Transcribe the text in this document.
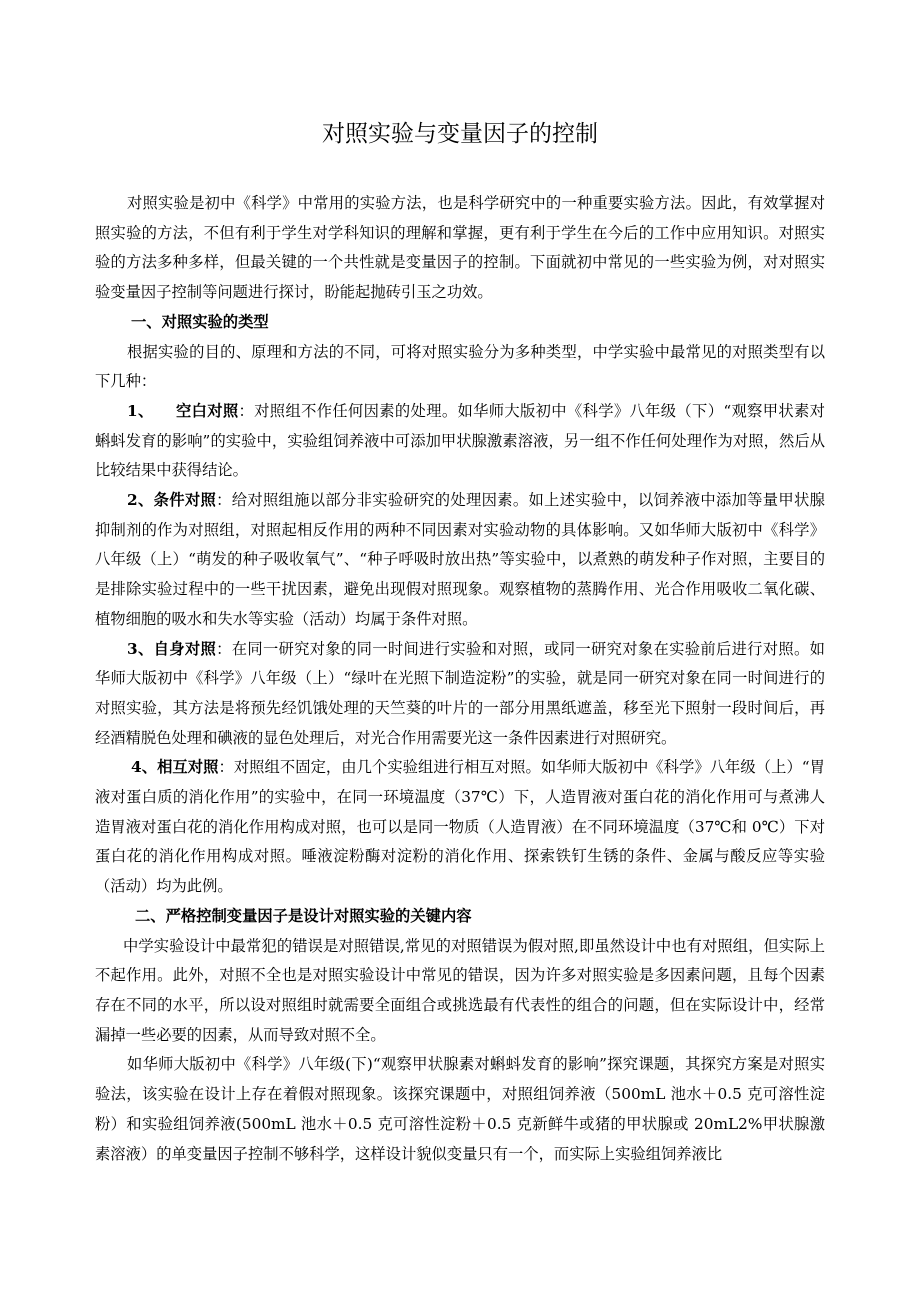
对照实验与变量因子的控制

对照实验是初中《科学》中常用的实验方法，也是科学研究中的一种重要实验方法。因此，有效掌握对照实验的方法，不但有利于学生对学科知识的理解和掌握，更有利于学生在今后的工作中应用知识。对照实验的方法多种多样，但最关键的一个共性就是变量因子的控制。下面就初中常见的一些实验为例，对对照实验变量因子控制等问题进行探讨，盼能起抛砖引玉之功效。

一、对照实验的类型

根据实验的目的、原理和方法的不同，可将对照实验分为多种类型，中学实验中最常见的对照类型有以下几种：

1、 空白对照：对照组不作任何因素的处理。如华师大版初中《科学》八年级（下）“观察甲状素对蝌蚪发育的影响”的实验中，实验组饲养液中可添加甲状腺激素溶液，另一组不作任何处理作为对照，然后从比较结果中获得结论。

2、条件对照：给对照组施以部分非实验研究的处理因素。如上述实验中，以饲养液中添加等量甲状腺抑制剂的作为对照组，对照起相反作用的两种不同因素对实验动物的具体影响。又如华师大版初中《科学》八年级（上）“萌发的种子吸收氧气”、“种子呼吸时放出热”等实验中，以煮熟的萌发种子作对照，主要目的是排除实验过程中的一些干扰因素，避免出现假对照现象。观察植物的蒸腾作用、光合作用吸收二氧化碳、植物细胞的吸水和失水等实验（活动）均属于条件对照。

3、自身对照：在同一研究对象的同一时间进行实验和对照，或同一研究对象在实验前后进行对照。如华师大版初中《科学》八年级（上）“绿叶在光照下制造淀粉”的实验，就是同一研究对象在同一时间进行的对照实验，其方法是将预先经饥饿处理的天竺葵的叶片的一部分用黑纸遮盖，移至光下照射一段时间后，再经酒精脱色处理和碘液的显色处理后，对光合作用需要光这一条件因素进行对照研究。

4、相互对照：对照组不固定，由几个实验组进行相互对照。如华师大版初中《科学》八年级（上）“胃液对蛋白质的消化作用”的实验中，在同一环境温度（37℃）下，人造胃液对蛋白花的消化作用可与煮沸人造胃液对蛋白花的消化作用构成对照，也可以是同一物质（人造胃液）在不同环境温度（37℃和 0℃）下对蛋白花的消化作用构成对照。唾液淀粉酶对淀粉的消化作用、探索铁钉生锈的条件、金属与酸反应等实验（活动）均为此例。

二、严格控制变量因子是设计对照实验的关键内容

中学实验设计中最常犯的错误是对照错误,常见的对照错误为假对照,即虽然设计中也有对照组，但实际上不起作用。此外，对照不全也是对照实验设计中常见的错误，因为许多对照实验是多因素问题，且每个因素存在不同的水平，所以设对照组时就需要全面组合或挑选最有代表性的组合的问题，但在实际设计中，经常漏掉一些必要的因素，从而导致对照不全。

如华师大版初中《科学》八年级(下)“观察甲状腺素对蝌蚪发育的影响”探究课题，其探究方案是对照实验法，该实验在设计上存在着假对照现象。该探究课题中，对照组饲养液（500mL 池水＋0.5 克可溶性淀粉）和实验组饲养液(500mL 池水＋0.5 克可溶性淀粉＋0.5 克新鲜牛或猪的甲状腺或 20mL2%甲状腺激素溶液）的单变量因子控制不够科学，这样设计貌似变量只有一个，而实际上实验组饲养液比
